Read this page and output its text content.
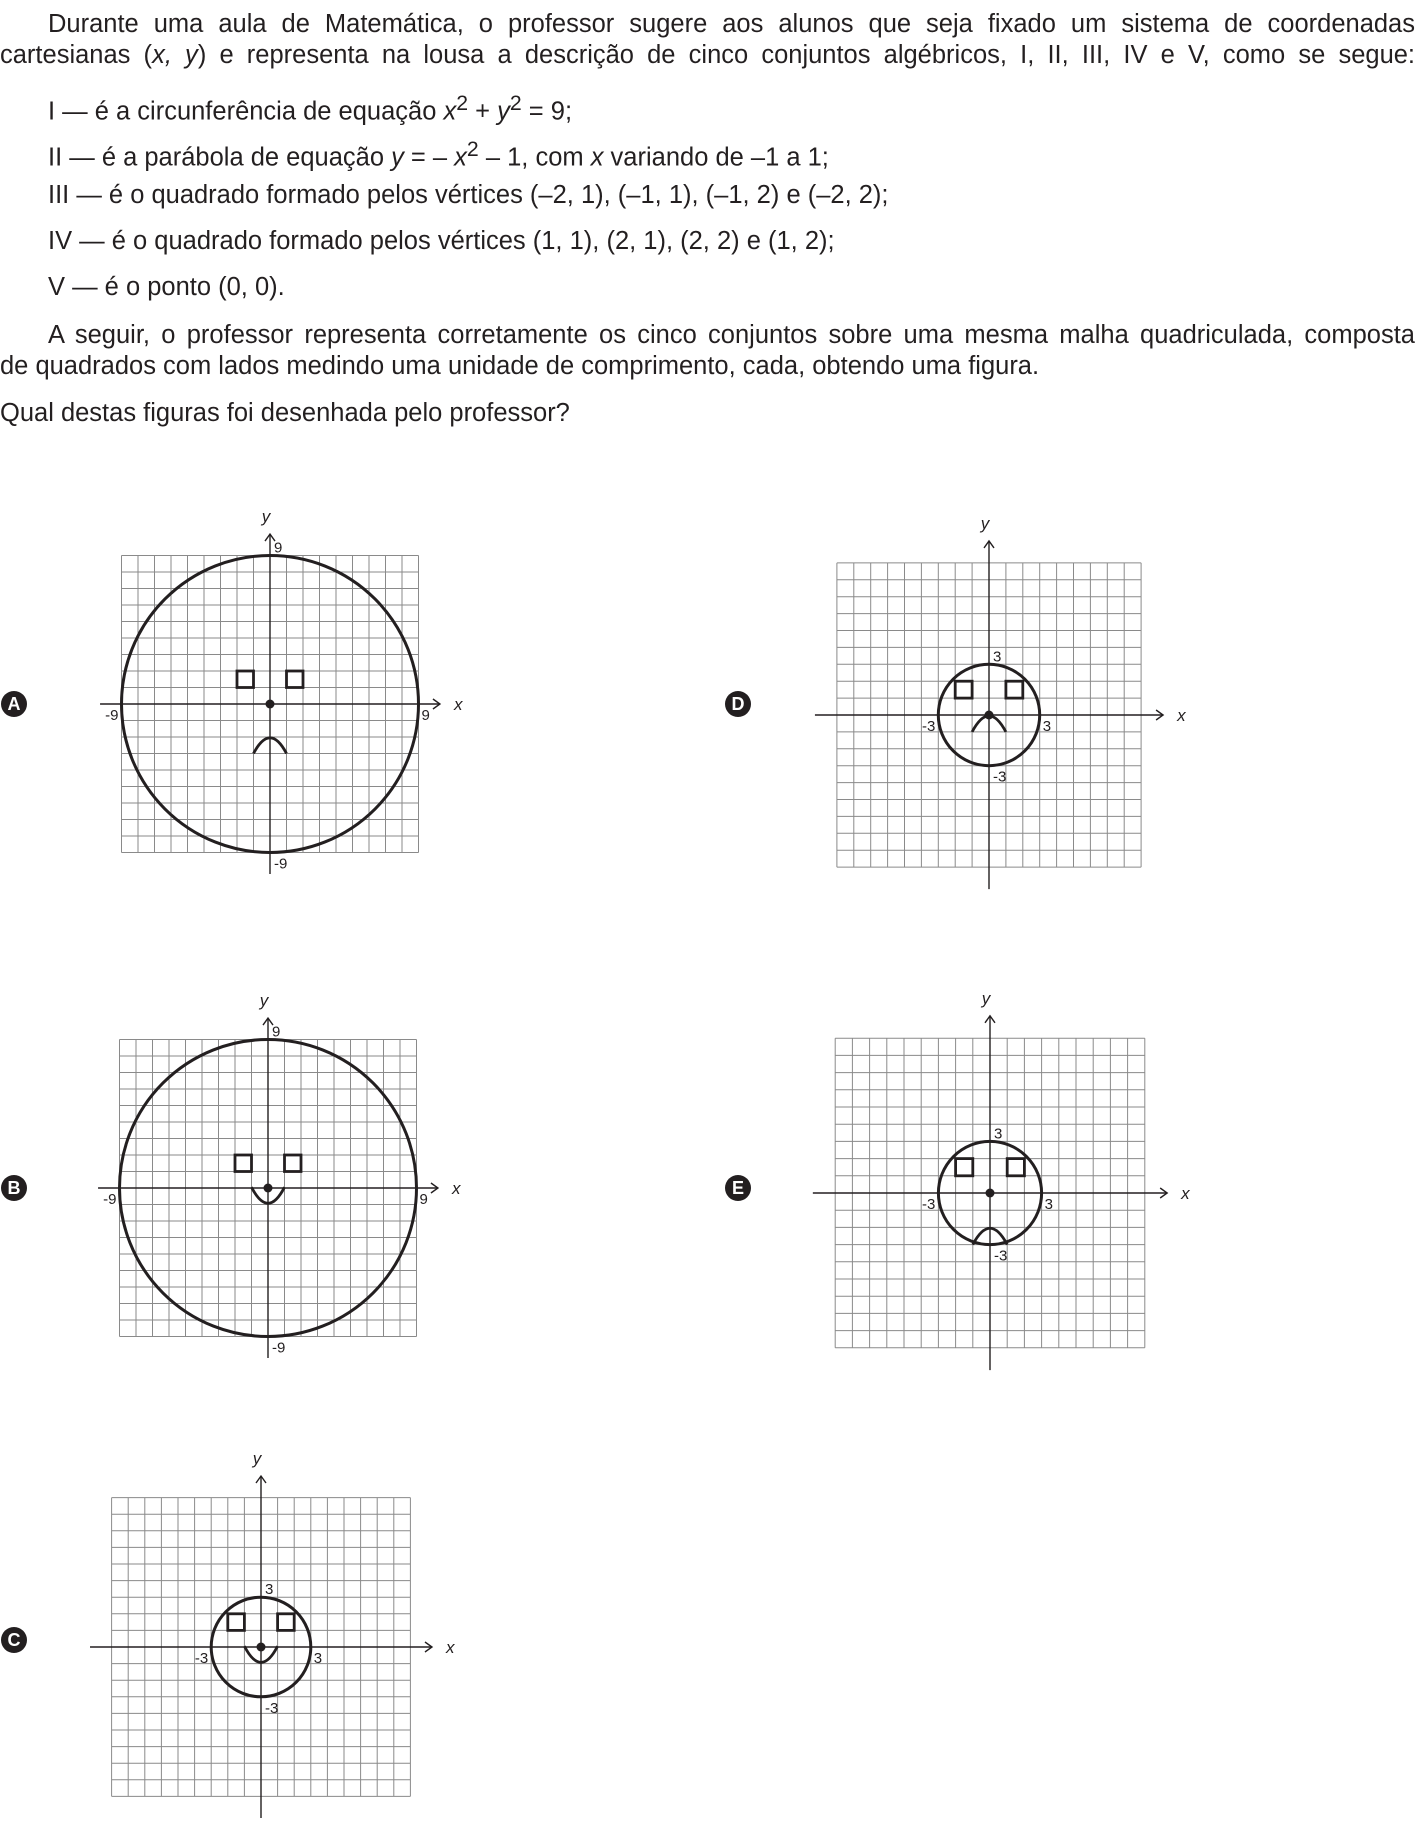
Durante uma aula de Matemática, o professor sugere aos alunos que seja fixado um sistema de coordenadas

cartesianas (x, y) e representa na lousa a descrição de cinco conjuntos algébricos, I, II, III, IV e V, como se segue:

I — é a circunferência de equação $x^2 + y^2 = 9$;

II — é a parábola de equação y = – $x^2 - 1$, com x variando de –1 a 1;

III — é o quadrado formado pelos vértices (–2, 1), (–1, 1), (–1, 2) e (–2, 2);

IV — é o quadrado formado pelos vértices (1, 1), (2, 1), (2, 2) e (1, 2);

V — é o ponto (0, 0).

A seguir, o professor representa corretamente os cinco conjuntos sobre uma mesma malha quadriculada, composta

de quadrados com lados medindo uma unidade de comprimento, cada, obtendo uma figura.

Qual destas figuras foi desenhada pelo professor?

A
B
C
D
E
x
y
-9	9
-9
9
x
y
-9	9
-9
9
x
y
-3	3
-3
3
x
y
-3	3
-3
3
x
y
-3	3
-3
3
